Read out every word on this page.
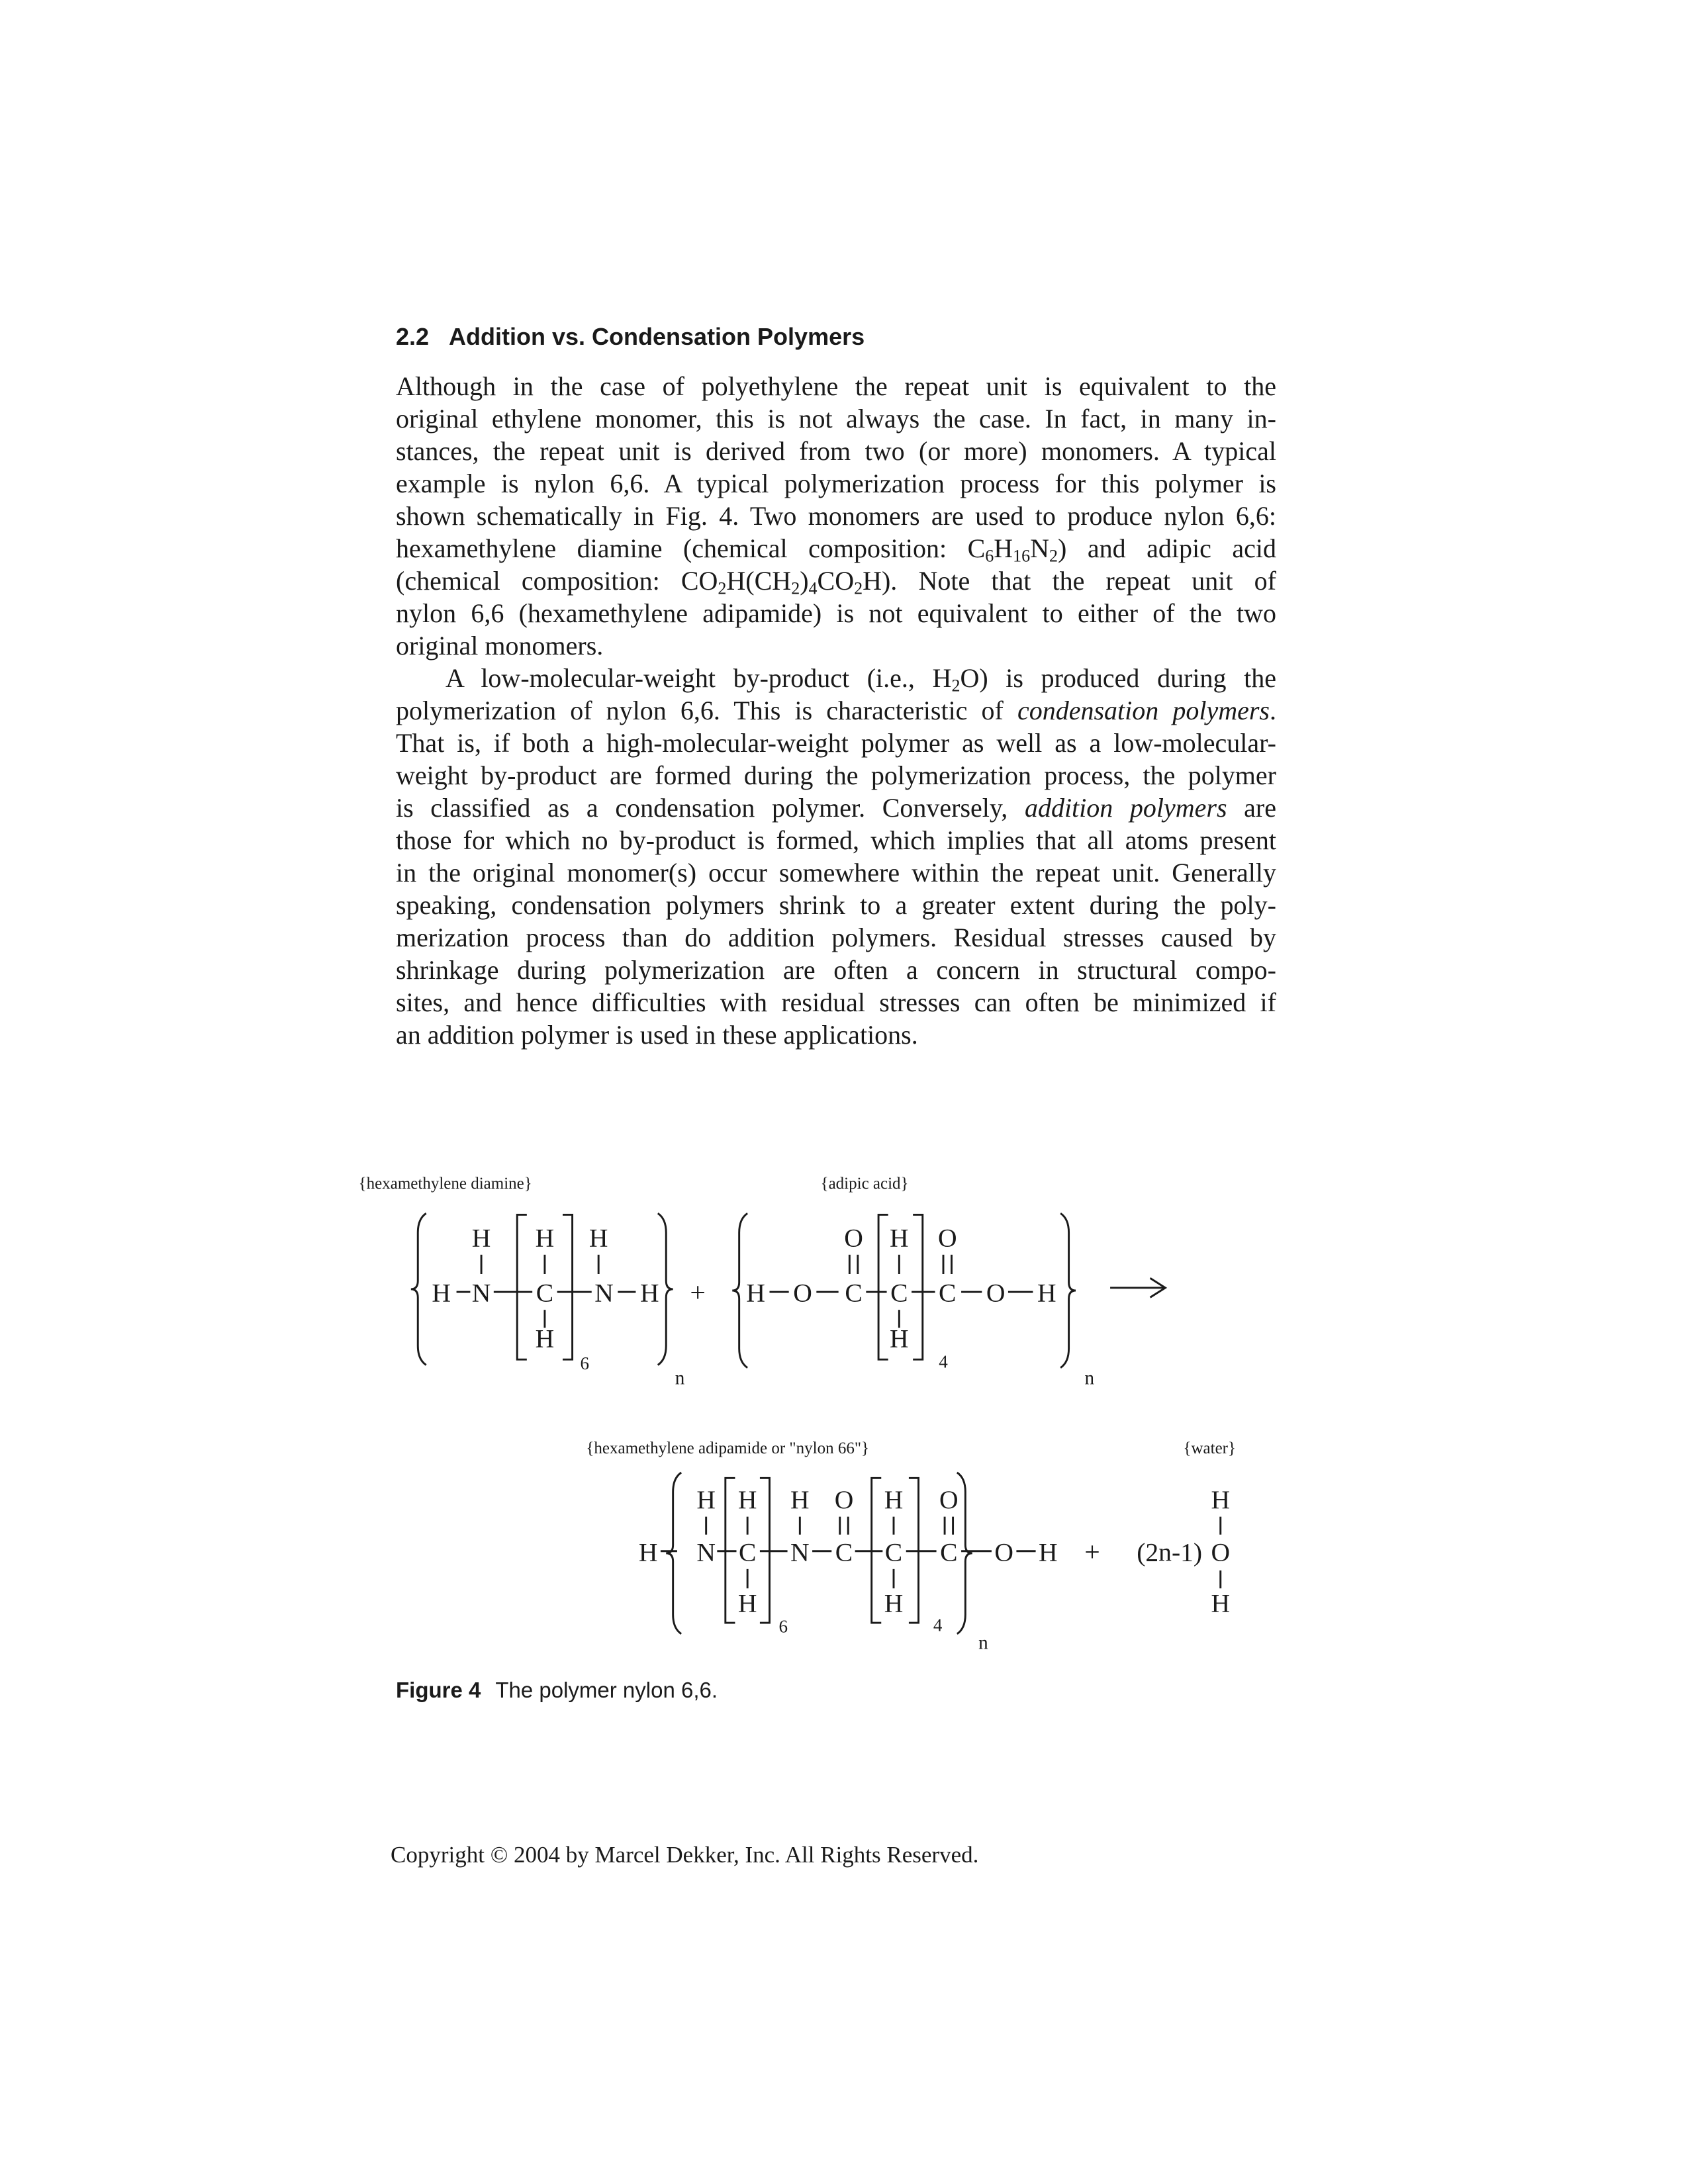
2.2 Addition vs. Condensation Polymers
Although in the case of polyethylene the repeat unit is equivalent to the
original ethylene monomer, this is not always the case. In fact, in many in-
stances, the repeat unit is derived from two (or more) monomers. A typical
example is nylon 6,6. A typical polymerization process for this polymer is
shown schematically in Fig. 4. Two monomers are used to produce nylon 6,6:
hexamethylene diamine (chemical composition: $C_6H_{16}N_2$) and adipic acid
(chemical composition: $CO_2H(CH_2)_4CO_2H$). Note that the repeat unit of
nylon 6,6 (hexamethylene adipamide) is not equivalent to either of the two
original monomers.
A low-molecular-weight by-product (i.e., $H_2O$) is produced during the
polymerization of nylon 6,6. This is characteristic of condensation polymers.
That is, if both a high-molecular-weight polymer as well as a low-molecular-
weight by-product are formed during the polymerization process, the polymer
is classified as a condensation polymer. Conversely, addition polymers are
those for which no by-product is formed, which implies that all atoms present
in the original monomer(s) occur somewhere within the repeat unit. Generally
speaking, condensation polymers shrink to a greater extent during the poly-
merization process than do addition polymers. Residual stresses caused by
shrinkage during polymerization are often a concern in structural compo-
sites, and hence difficulties with residual stresses can often be minimized if
an addition polymer is used in these applications.
{hexamethylene diamine}
H N	C	N H
H	H	H
H
6
n
+
{adipic acid}
H O	C C C O	H
O H O
H
4
n
{hexamethylene adipamide or "nylon 66"}
H	N C	N C	C	C	O H
H H	H O H	O
H	H
6	4
n
+
{water}
(2n-1) O
H
H
Figure 4 The polymer nylon 6,6.
Copyright © 2004 by Marcel Dekker, Inc. All Rights Reserved.
